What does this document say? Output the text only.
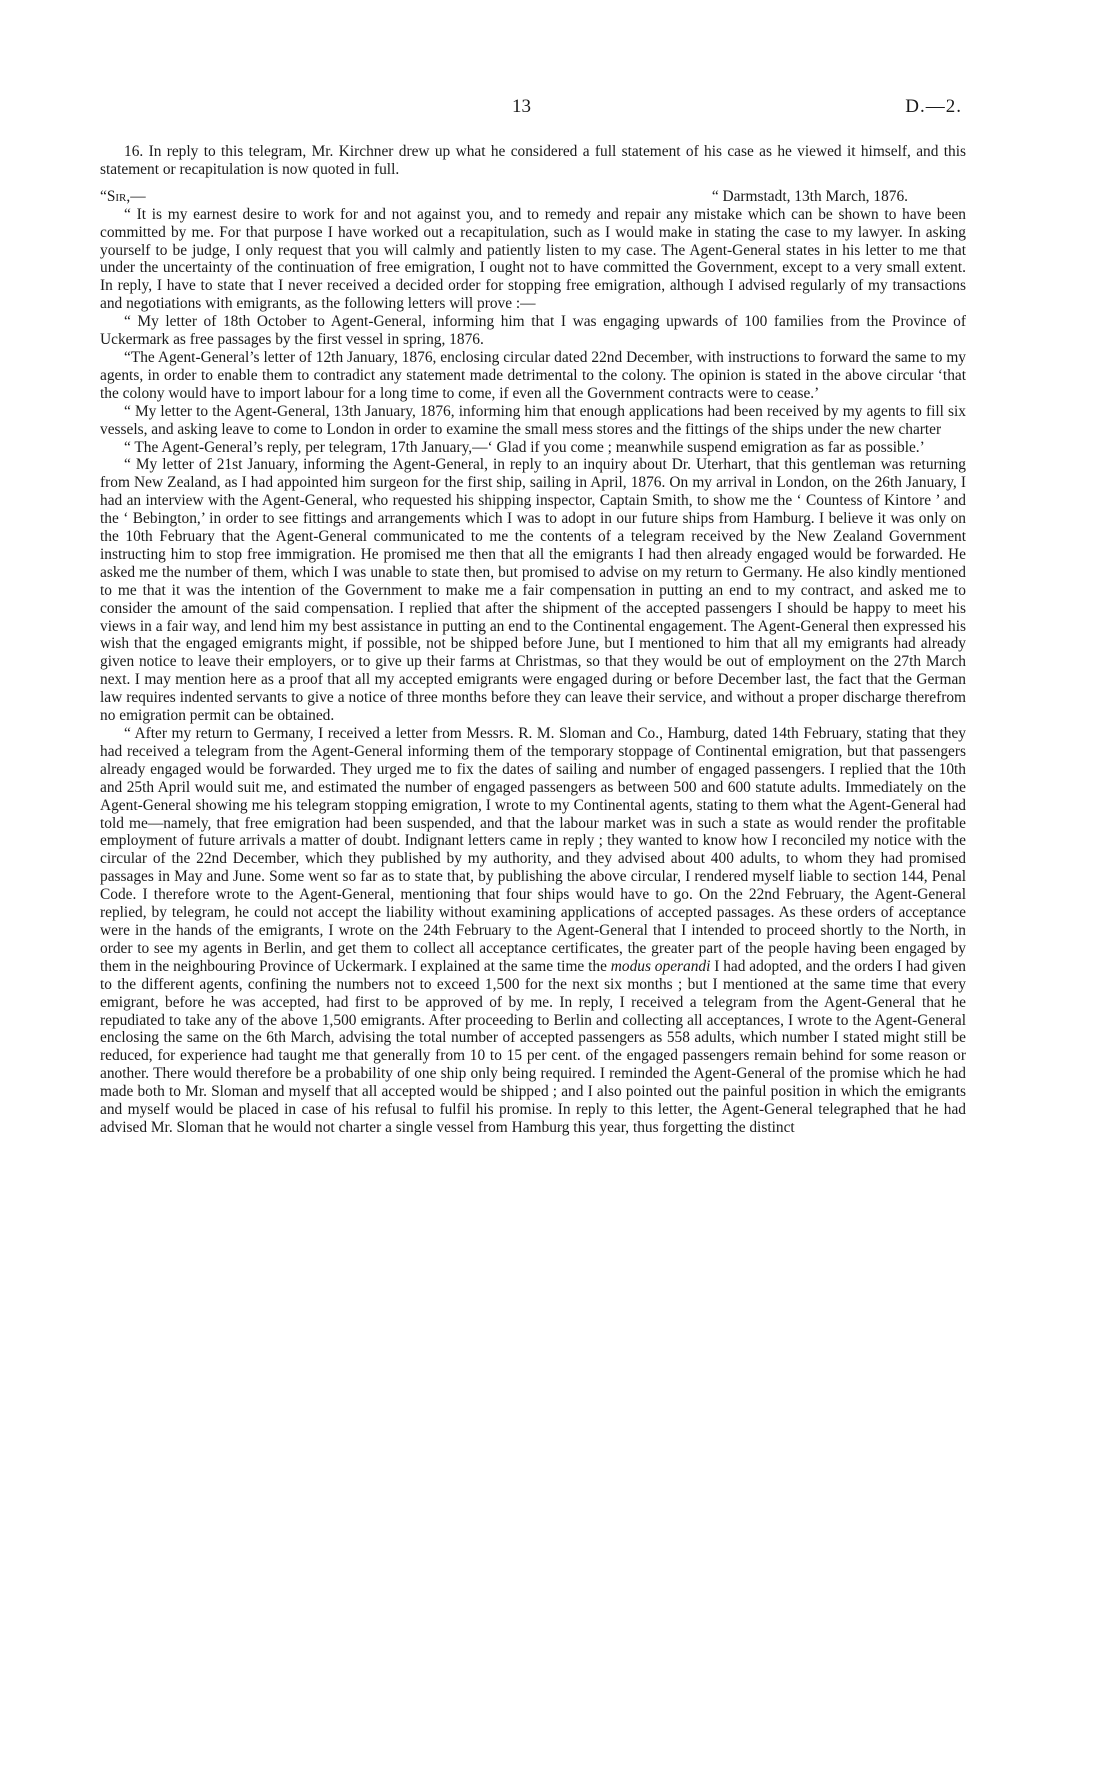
13	D.—2.

16. In reply to this telegram, Mr. Kirchner drew up what he considered a full statement of his case as he viewed it himself, and this statement or recapitulation is now quoted in full.

“Sir,—	“ Darmstadt, 13th March, 1876.

“ It is my earnest desire to work for and not against you, and to remedy and repair any mistake which can be shown to have been committed by me. For that purpose I have worked out a recapitulation, such as I would make in stating the case to my lawyer. In asking yourself to be judge, I only request that you will calmly and patiently listen to my case. The Agent-General states in his letter to me that under the uncertainty of the continuation of free emigration, I ought not to have committed the Government, except to a very small extent. In reply, I have to state that I never received a decided order for stopping free emigration, although I advised regularly of my transactions and negotiations with emigrants, as the following letters will prove :—

“ My letter of 18th October to Agent-General, informing him that I was engaging upwards of 100 families from the Province of Uckermark as free passages by the first vessel in spring, 1876.

“The Agent-General’s letter of 12th January, 1876, enclosing circular dated 22nd December, with instructions to forward the same to my agents, in order to enable them to contradict any statement made detrimental to the colony. The opinion is stated in the above circular ‘that the colony would have to import labour for a long time to come, if even all the Government contracts were to cease.’

“ My letter to the Agent-General, 13th January, 1876, informing him that enough applications had been received by my agents to fill six vessels, and asking leave to come to London in order to examine the small mess stores and the fittings of the ships under the new charter

“ The Agent-General’s reply, per telegram, 17th January,—‘ Glad if you come ; meanwhile suspend emigration as far as possible.’

“ My letter of 21st January, informing the Agent-General, in reply to an inquiry about Dr. Uterhart, that this gentleman was returning from New Zealand, as I had appointed him surgeon for the first ship, sailing in April, 1876. On my arrival in London, on the 26th January, I had an interview with the Agent-General, who requested his shipping inspector, Captain Smith, to show me the ‘ Countess of Kintore ’ and the ‘ Bebington,’ in order to see fittings and arrangements which I was to adopt in our future ships from Hamburg. I believe it was only on the 10th February that the Agent-General communicated to me the contents of a telegram received by the New Zealand Government instructing him to stop free immigration. He promised me then that all the emigrants I had then already engaged would be forwarded. He asked me the number of them, which I was unable to state then, but promised to advise on my return to Germany. He also kindly mentioned to me that it was the intention of the Government to make me a fair compensation in putting an end to my contract, and asked me to consider the amount of the said compensation. I replied that after the shipment of the accepted passengers I should be happy to meet his views in a fair way, and lend him my best assistance in putting an end to the Continental engagement. The Agent-General then expressed his wish that the engaged emigrants might, if possible, not be shipped before June, but I mentioned to him that all my emigrants had already given notice to leave their employers, or to give up their farms at Christmas, so that they would be out of employment on the 27th March next. I may mention here as a proof that all my accepted emigrants were engaged during or before December last, the fact that the German law requires indented servants to give a notice of three months before they can leave their service, and without a proper discharge therefrom no emigration permit can be obtained.

“ After my return to Germany, I received a letter from Messrs. R. M. Sloman and Co., Hamburg, dated 14th February, stating that they had received a telegram from the Agent-General informing them of the temporary stoppage of Continental emigration, but that passengers already engaged would be forwarded. They urged me to fix the dates of sailing and number of engaged passengers. I replied that the 10th and 25th April would suit me, and estimated the number of engaged passengers as between 500 and 600 statute adults. Immediately on the Agent-General showing me his telegram stopping emigration, I wrote to my Continental agents, stating to them what the Agent-General had told me—namely, that free emigration had been suspended, and that the labour market was in such a state as would render the profitable employment of future arrivals a matter of doubt. Indignant letters came in reply ; they wanted to know how I reconciled my notice with the circular of the 22nd December, which they published by my authority, and they advised about 400 adults, to whom they had promised passages in May and June. Some went so far as to state that, by publishing the above circular, I rendered myself liable to section 144, Penal Code. I therefore wrote to the Agent-General, mentioning that four ships would have to go. On the 22nd February, the Agent-General replied, by telegram, he could not accept the liability without examining applications of accepted passages. As these orders of acceptance were in the hands of the emigrants, I wrote on the 24th February to the Agent-General that I intended to proceed shortly to the North, in order to see my agents in Berlin, and get them to collect all acceptance certificates, the greater part of the people having been engaged by them in the neighbouring Province of Uckermark. I explained at the same time the modus operandi I had adopted, and the orders I had given to the different agents, confining the numbers not to exceed 1,500 for the next six months ; but I mentioned at the same time that every emigrant, before he was accepted, had first to be approved of by me. In reply, I received a telegram from the Agent-General that he repudiated to take any of the above 1,500 emigrants. After proceeding to Berlin and collecting all acceptances, I wrote to the Agent-General enclosing the same on the 6th March, advising the total number of accepted passengers as 558 adults, which number I stated might still be reduced, for experience had taught me that generally from 10 to 15 per cent. of the engaged passengers remain behind for some reason or another. There would therefore be a probability of one ship only being required. I reminded the Agent-General of the promise which he had made both to Mr. Sloman and myself that all accepted would be shipped ; and I also pointed out the painful position in which the emigrants and myself would be placed in case of his refusal to fulfil his promise. In reply to this letter, the Agent-General telegraphed that he had advised Mr. Sloman that he would not charter a single vessel from Hamburg this year, thus forgetting the distinct
